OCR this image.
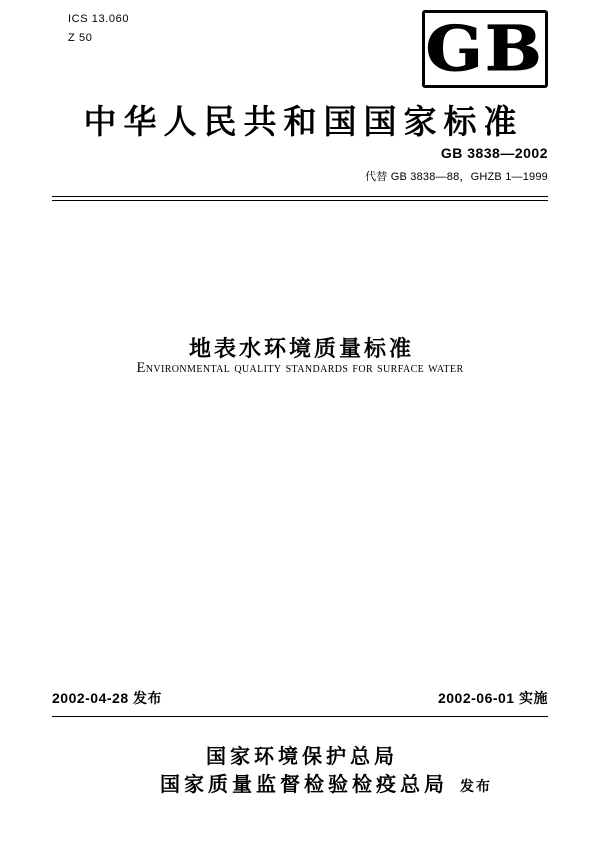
ICS 13.060
Z 50	GB
中华人民共和国国家标准
GB 3838—2002
代替 GB 3838—88，GHZB 1—1999
地表水环境质量标准
Environmental quality standards for surface water
2002-04-28 发布	2002-06-01 实施
国家环境保护总局
国家质量监督检验检疫总局 发布
